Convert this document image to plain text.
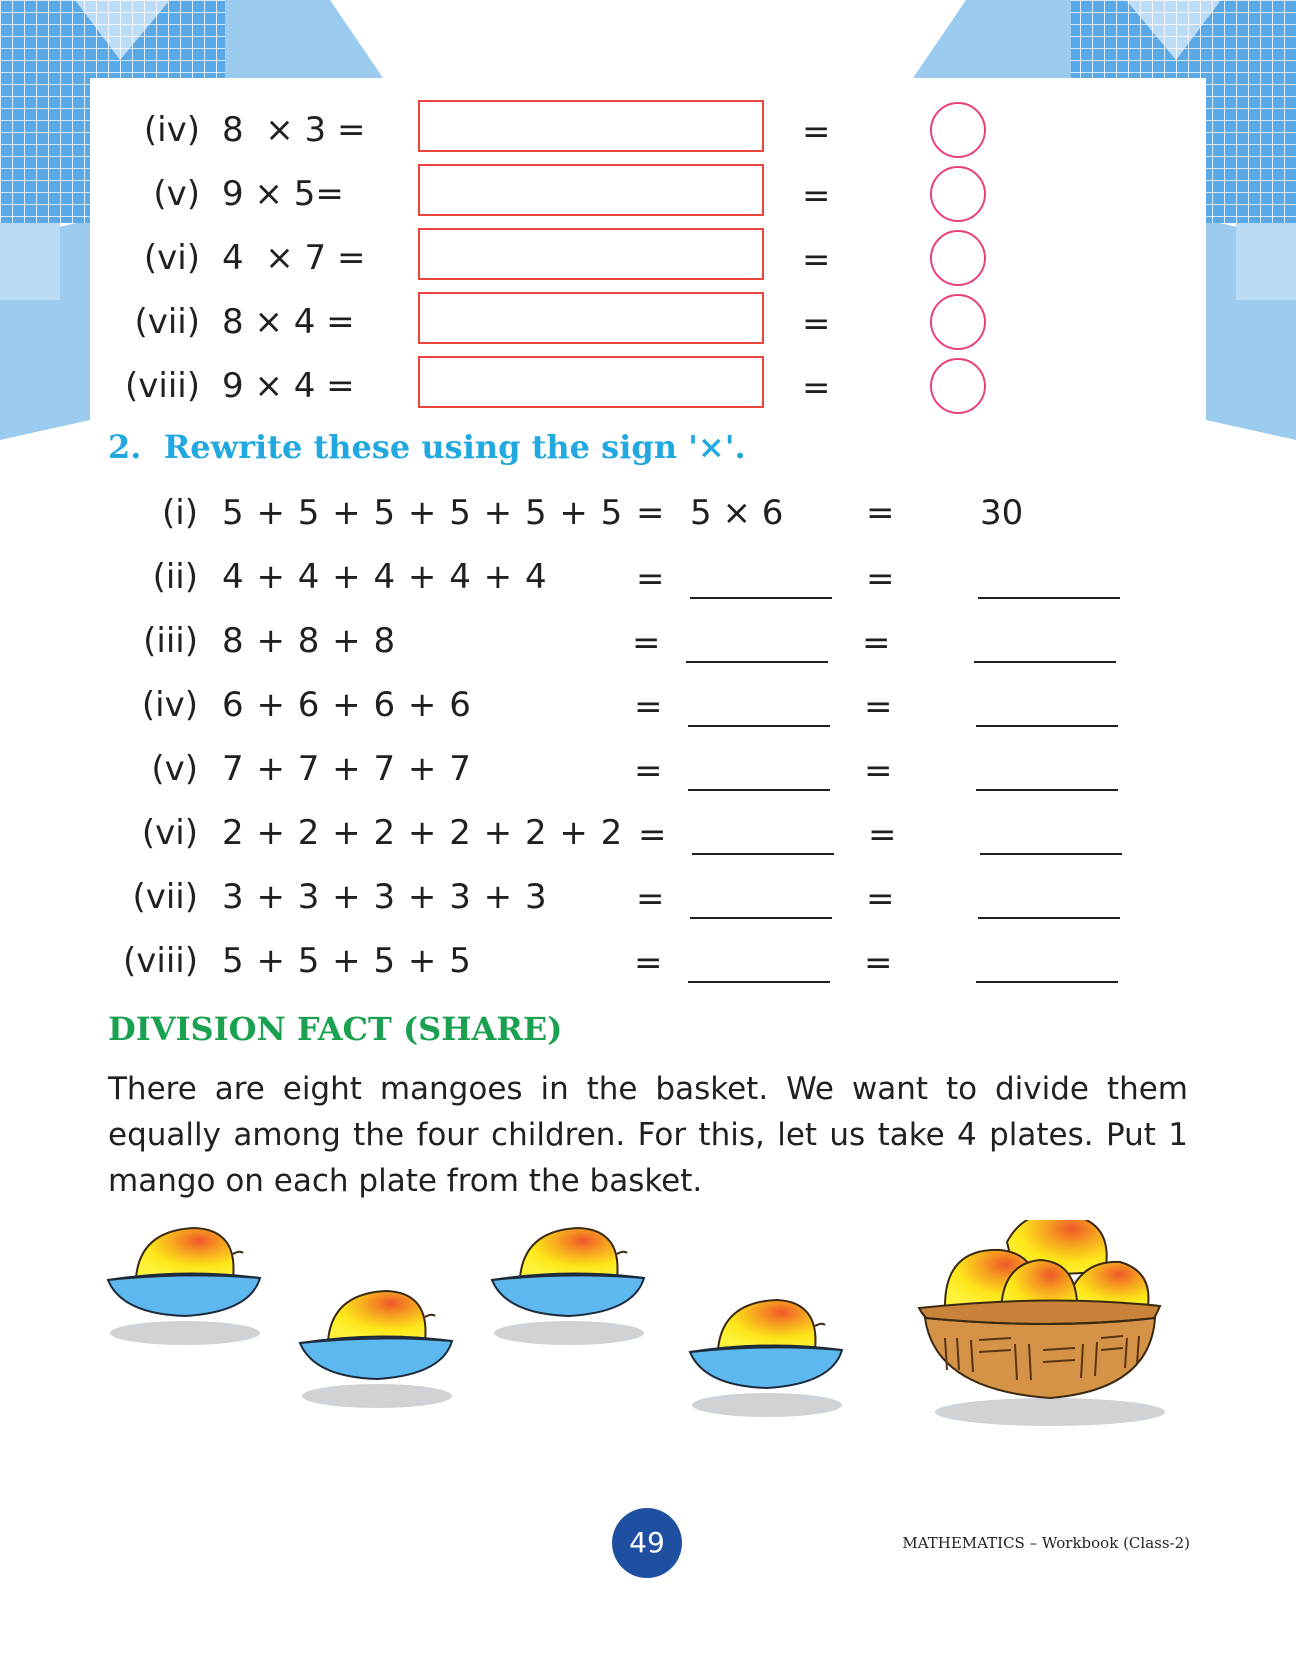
(iv) 8  × 3 =	=
(v) 9 × 5=	=
(vi) 4  × 7 =	=
(vii) 8 × 4 =	=
(viii) 9 × 4 =	=
2.  Rewrite these using the sign '×'.
(i) 5 + 5 + 5 + 5 + 5 + 5 = 5 × 6 =	30
(ii) 4 + 4 + 4 + 4 + 4	=	=
(iii) 8 + 8 + 8	=	=
(iv) 6 + 6 + 6 + 6	=	=
(v) 7 + 7 + 7 + 7	=	=
(vi) 2 + 2 + 2 + 2 + 2 + 2 =	=
(vii) 3 + 3 + 3 + 3 + 3	=	=
(viii) 5 + 5 + 5 + 5	=	=
DIVISION FACT (SHARE)
There are eight mangoes in the basket. We want to divide them equally among the four children. For this, let us take 4 plates. Put 1 mango on each plate from the basket.
49	MATHEMATICS – Workbook (Class-2)
